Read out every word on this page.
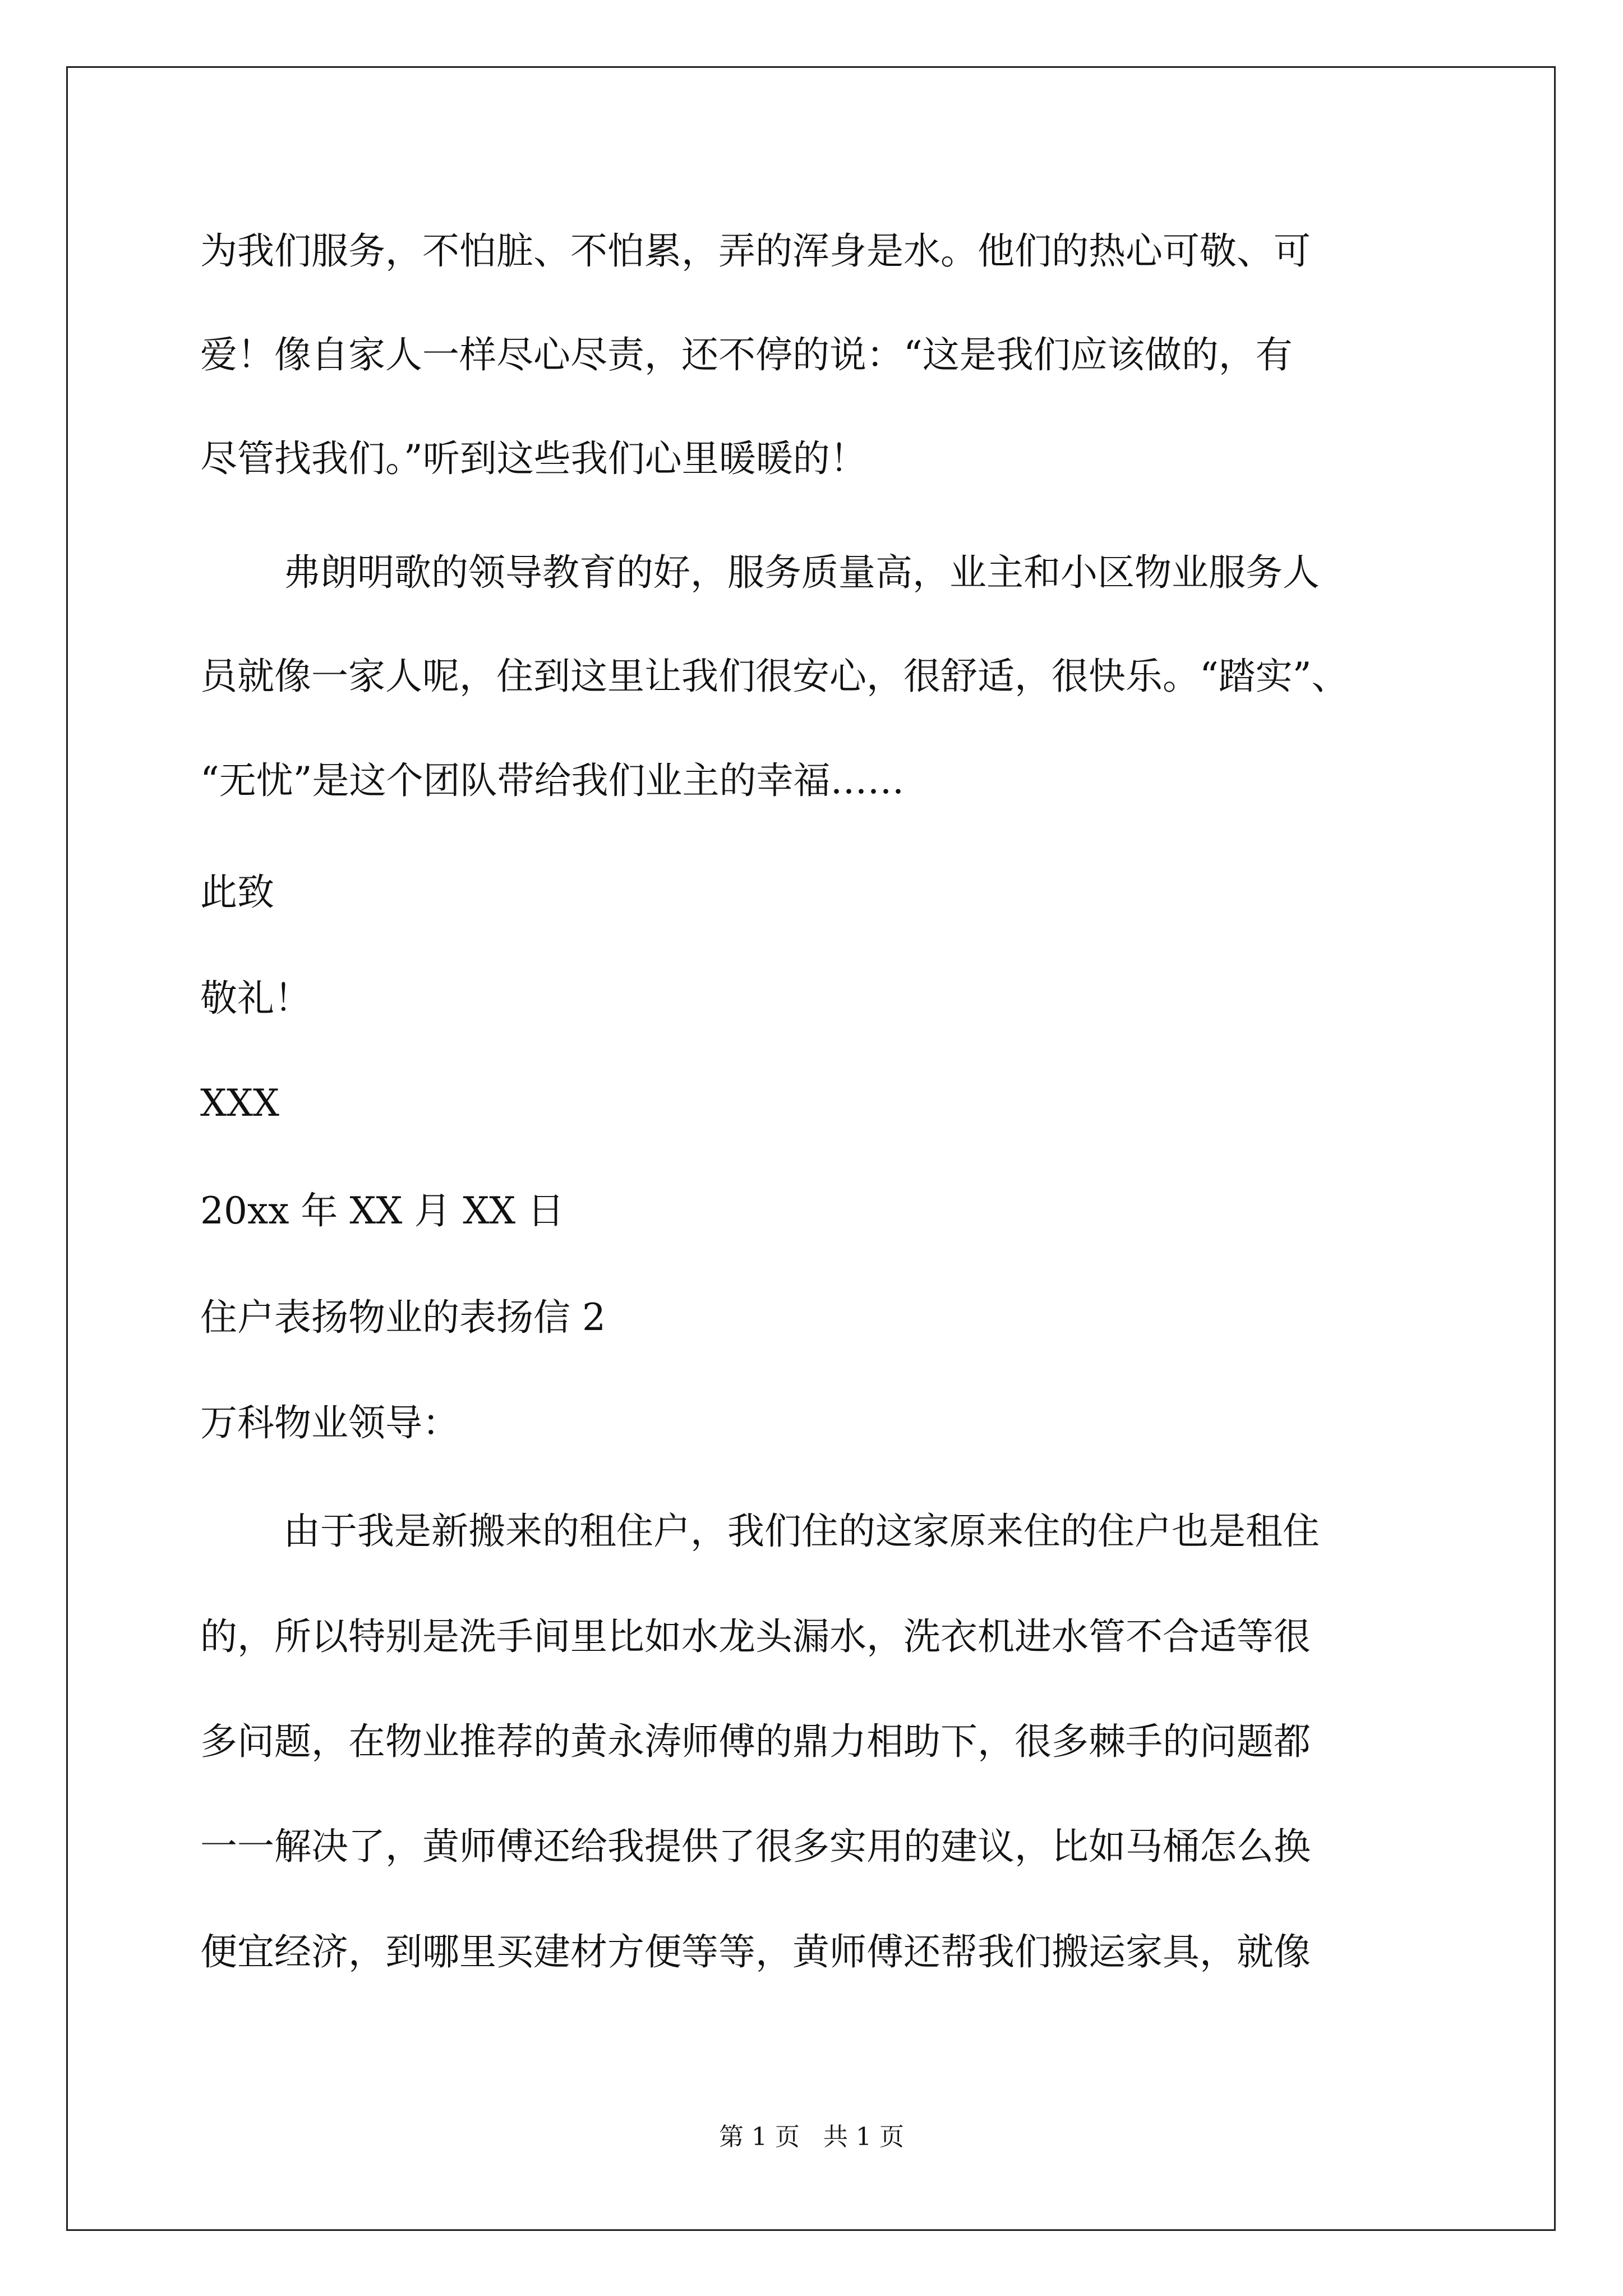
为我们服务，不怕脏、不怕累，弄的浑身是水。他们的热心可敬、可
爱！像自家人一样尽心尽责，还不停的说：“这是我们应该做的，有
尽管找我们。”听到这些我们心里暖暖的！
弗朗明歌的领导教育的好，服务质量高，业主和小区物业服务人
员就像一家人呢，住到这里让我们很安心，很舒适，很快乐。“踏实”、
“无忧”是这个团队带给我们业主的幸福……
此致
敬礼！
XXX
20xx 年 XX 月 XX 日
住户表扬物业的表扬信 2
万科物业领导：
由于我是新搬来的租住户，我们住的这家原来住的住户也是租住
的，所以特别是洗手间里比如水龙头漏水，洗衣机进水管不合适等很
多问题，在物业推荐的黄永涛师傅的鼎力相助下，很多棘手的问题都
一一解决了，黄师傅还给我提供了很多实用的建议，比如马桶怎么换
便宜经济，到哪里买建材方便等等，黄师傅还帮我们搬运家具，就像
第 1 页 共 1 页
